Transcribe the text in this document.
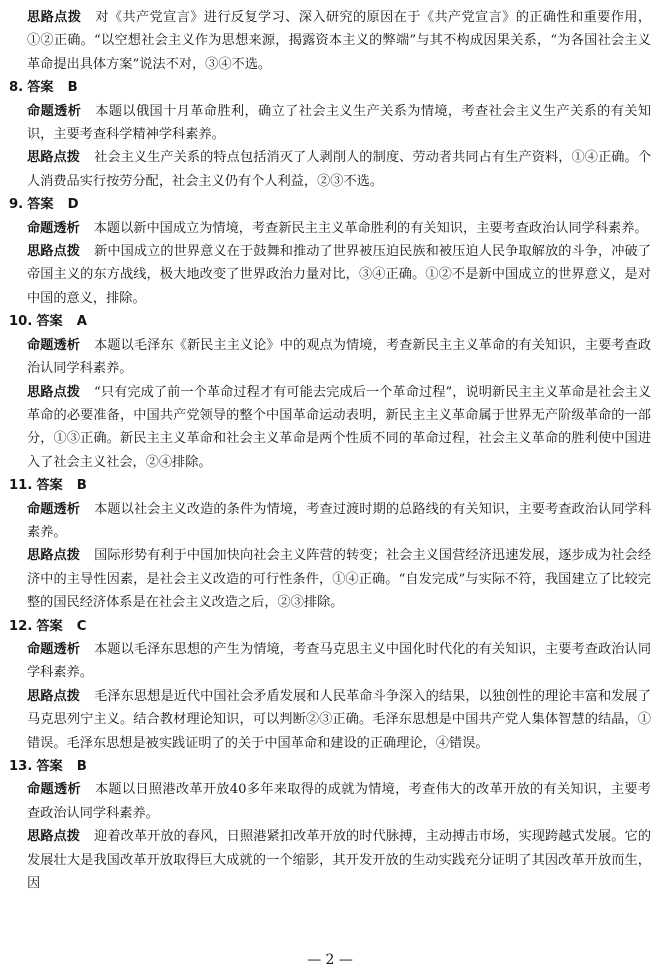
思路点拨 对《共产党宣言》进行反复学习、深入研究的原因在于《共产党宣言》的正确性和重要作用，①②正确。“以空想社会主义作为思想来源，揭露资本主义的弊端”与其不构成因果关系，“为各国社会主义革命提出具体方案”说法不对，③④不选。
8. 答案 B
命题透析 本题以俄国十月革命胜利，确立了社会主义生产关系为情境，考查社会主义生产关系的有关知识，主要考查科学精神学科素养。
思路点拨 社会主义生产关系的特点包括消灭了人剥削人的制度、劳动者共同占有生产资料，①④正确。个人消费品实行按劳分配，社会主义仍有个人利益，②③不选。
9. 答案 D
命题透析 本题以新中国成立为情境，考查新民主主义革命胜利的有关知识，主要考查政治认同学科素养。
思路点拨 新中国成立的世界意义在于鼓舞和推动了世界被压迫民族和被压迫人民争取解放的斗争，冲破了帝国主义的东方战线，极大地改变了世界政治力量对比，③④正确。①②不是新中国成立的世界意义，是对中国的意义，排除。
10. 答案 A
命题透析 本题以毛泽东《新民主主义论》中的观点为情境，考查新民主主义革命的有关知识，主要考查政治认同学科素养。
思路点拨 “只有完成了前一个革命过程才有可能去完成后一个革命过程”，说明新民主主义革命是社会主义革命的必要准备，中国共产党领导的整个中国革命运动表明，新民主主义革命属于世界无产阶级革命的一部分，①③正确。新民主主义革命和社会主义革命是两个性质不同的革命过程，社会主义革命的胜利使中国进入了社会主义社会，②④排除。
11. 答案 B
命题透析 本题以社会主义改造的条件为情境，考查过渡时期的总路线的有关知识，主要考查政治认同学科素养。
思路点拨 国际形势有利于中国加快向社会主义阵营的转变；社会主义国营经济迅速发展，逐步成为社会经济中的主导性因素，是社会主义改造的可行性条件，①④正确。“自发完成”与实际不符，我国建立了比较完整的国民经济体系是在社会主义改造之后，②③排除。
12. 答案 C
命题透析 本题以毛泽东思想的产生为情境，考查马克思主义中国化时代化的有关知识，主要考查政治认同学科素养。
思路点拨 毛泽东思想是近代中国社会矛盾发展和人民革命斗争深入的结果，以独创性的理论丰富和发展了马克思列宁主义。结合教材理论知识，可以判断②③正确。毛泽东思想是中国共产党人集体智慧的结晶，①错误。毛泽东思想是被实践证明了的关于中国革命和建设的正确理论，④错误。
13. 答案 B
命题透析 本题以日照港改革开放40多年来取得的成就为情境，考查伟大的改革开放的有关知识，主要考查政治认同学科素养。
思路点拨 迎着改革开放的春风，日照港紧扣改革开放的时代脉搏，主动搏击市场，实现跨越式发展。它的发展壮大是我国改革开放取得巨大成就的一个缩影，其开发开放的生动实践充分证明了其因改革开放而生，因
— 2 —
